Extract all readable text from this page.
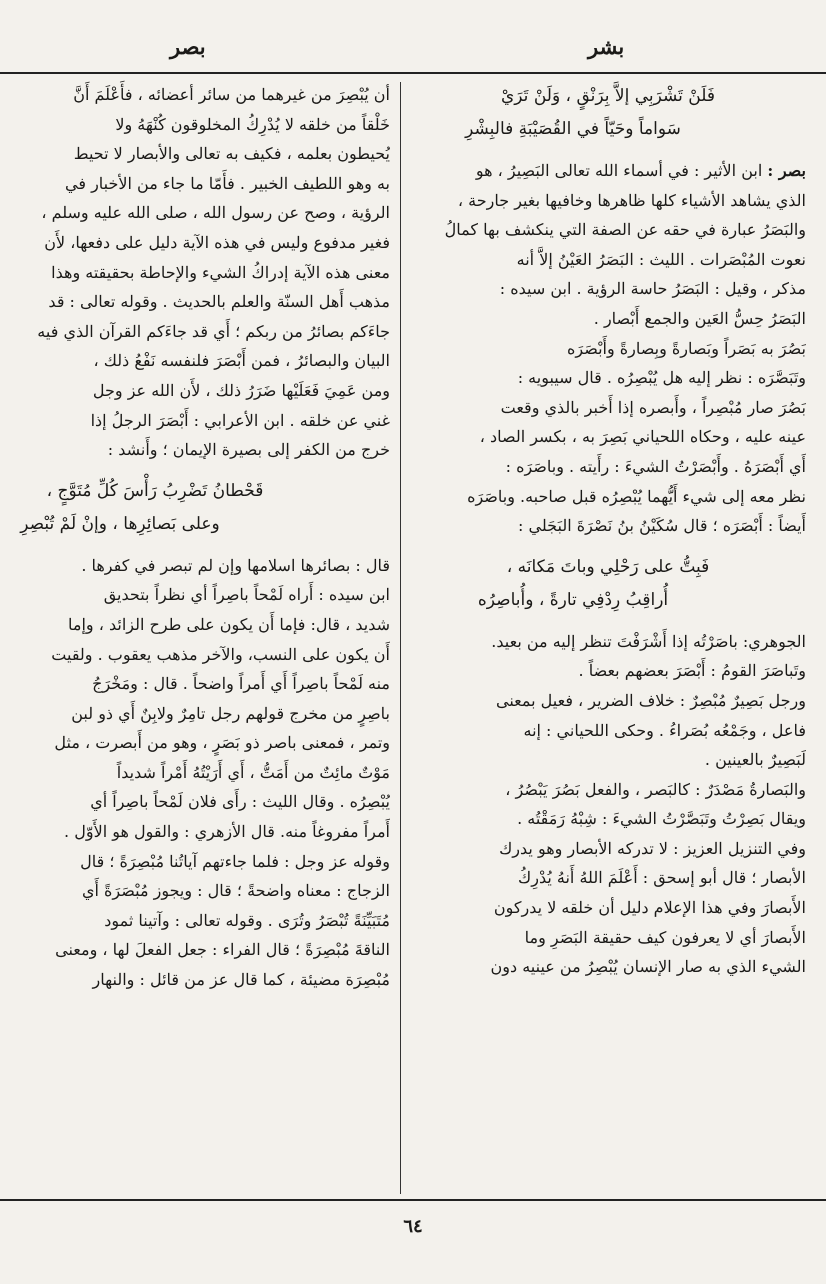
بشر
بصر
فَلَنْ تَشْرَبِي إلاَّ بِرَنْقٍ ، وَلَنْ تَرَيْ
سَواماً وحَيّاً في القُصَيْبَةِ فالبِشْرِ
بصر : ابن الأثير : في أسماء الله تعالى البَصِيرُ ، هو
الذي يشاهد الأشياء كلها ظاهرها وخافيها بغير جارحة ،
والبَصَرُ عبارة في حقه عن الصفة التي ينكشف بها كمالُ
نعوت المُبْصَرات . الليث : البَصَرُ العَيْنُ إلاَّ أنه
مذكر ، وقيل : البَصَرُ حاسة الرؤية . ابن سيده :
البَصَرُ حِسُّ العَين والجمع أَبْصار .
بَصُرَ به بَصَراً وبَصارةً وبِصارةً وأَبْصَرَه
وتَبَصَّرَه : نظر إليه هل يُبْصِرُه . قال سيبويه :
بَصُرَ صار مُبْصِراً ، وأَبصره إذا أَخبر بالذي وقعت
عينه عليه ، وحكاه اللحياني بَصِرَ به ، بكسر الصاد ،
أَي أَبْصَرَهُ . وأَبْصَرْتُ الشيءَ : رأَيته . وباصَرَه :
نظر معه إلى شيء أَيُّهما يُبْصِرُه قبل صاحبه. وباصَرَه
أَيضاً : أَبْصَرَه ؛ قال سُكَيْنُ بنُ نَصْرَةَ البَجَلي :
فَبِتُّ على رَحْلِي وباتَ مَكانَه ،
أُراقِبُ رِدْفِي تارةً ، وأُباصِرُه
الجوهري: باصَرْتُه إذا أَشْرَفْتَ تنظر إليه من بعيد.
وتَباصَرَ القومُ : أَبْصَرَ بعضهم بعضاً .
ورجل بَصِيرٌ مُبْصِرٌ : خلاف الضرير ، فعيل بمعنى
فاعل ، وجَمْعُه بُصَراءُ . وحكى اللحياني : إنه
لَبَصِيرٌ بالعينين .
والبَصارةُ مَصْدَرٌ : كالبَصر ، والفعل بَصُرَ يَبْصُرُ ،
ويقال بَصِرْتُ وتَبَصَّرْتُ الشيءَ : شِبْهُ رَمَقْتُه .
وفي التنزيل العزيز : لا تدركه الأبصار وهو يدرك
الأبصار ؛ قال أبو إسحق : أَعْلَمَ اللهُ أَنهُ يُدْرِكُ
الأَبصارَ وفي هذا الإعلام دليل أن خلقه لا يدركون
الأَبصارَ أي لا يعرفون كيف حقيقة البَصَرِ وما
الشيء الذي به صار الإنسان يُبْصِرُ من عينيه دون
أن يُبْصِرَ من غيرهما من سائر أعضائه ، فأَعْلَمَ أَنَّ
خَلْقاً من خلقه لا يُدْرِكُ المخلوقون كُنْهَهُ ولا
يُحيطون بعلمه ، فكيف به تعالى والأبصار لا تحيط
به وهو اللطيف الخبير . فأَمّا ما جاء من الأخبار في
الرؤية ، وصح عن رسول الله ، صلى الله عليه وسلم ،
فغير مدفوع وليس في هذه الآية دليل على دفعها، لأَن
معنى هذه الآية إدراكُ الشيء والإحاطة بحقيقته وهذا
مذهب أَهل السنّة والعلم بالحديث . وقوله تعالى : قد
جاءَكم بصائرُ من ربكم ؛ أَي قد جاءَكم القرآن الذي فيه
البيان والبصائرُ ، فمن أَبْصَرَ فلنفسه نَفْعُ ذلك ،
ومن عَمِيَ فَعَلَيْها ضَرَرُ ذلك ، لأَن الله عز وجل
غني عن خلقه . ابن الأعرابي : أَبْصَرَ الرجلُ إذا
خرج من الكفر إلى بصيرة الإيمان ؛ وأَنشد :
قَحْطانُ تَضْرِبُ رَأْسَ كُلِّ مُتَوَّجٍ ،
وعلى بَصائِرِها ، وإنْ لَمْ تُبْصِرِ
قال : بصائرها اسلامها وإن لم تبصر في كفرها .
ابن سيده : أَراه لَمْحاً باصِراً أي نظراً بتحديق
شديد ، قال: فإما أَن يكون على طرح الزائد ، وإما
أَن يكون على النسب، والآخر مذهب يعقوب . ولقيت
منه لَمْحاً باصِراً أَي أَمراً واضحاً . قال : ومَخْرَجُ
باصِرٍ من مخرج قولهم رجل تامِرٌ ولابِنٌ أَي ذو لبن
وتمر ، فمعنى باصر ذو بَصَرٍ ، وهو من أَبصرت ، مثل
مَوْتٌ مائِتٌ من أَمَتُّ ، أَي أَرَيْتُهُ أَمْراً شديداً
يُبْصِرُه . وقال الليث : رأَى فلان لَمْحاً باصِراً أي
أَمراً مفروغاً منه. قال الأزهري : والقول هو الأَوّل .
وقوله عز وجل : فلما جاءتهم آياتُنا مُبْصِرَةً ؛ قال
الزجاج : معناه واضحةً ؛ قال : ويجوز مُبْصَرَةً أَي
مُتَبَيِّنَةً تُبْصَرُ وتُرَى . وقوله تعالى : وآتينا ثمود
الناقةَ مُبْصِرَةً ؛ قال الفراء : جعل الفعلَ لها ، ومعنى
مُبْصِرَة مضيئة ، كما قال عز من قائل : والنهار
٦٤
